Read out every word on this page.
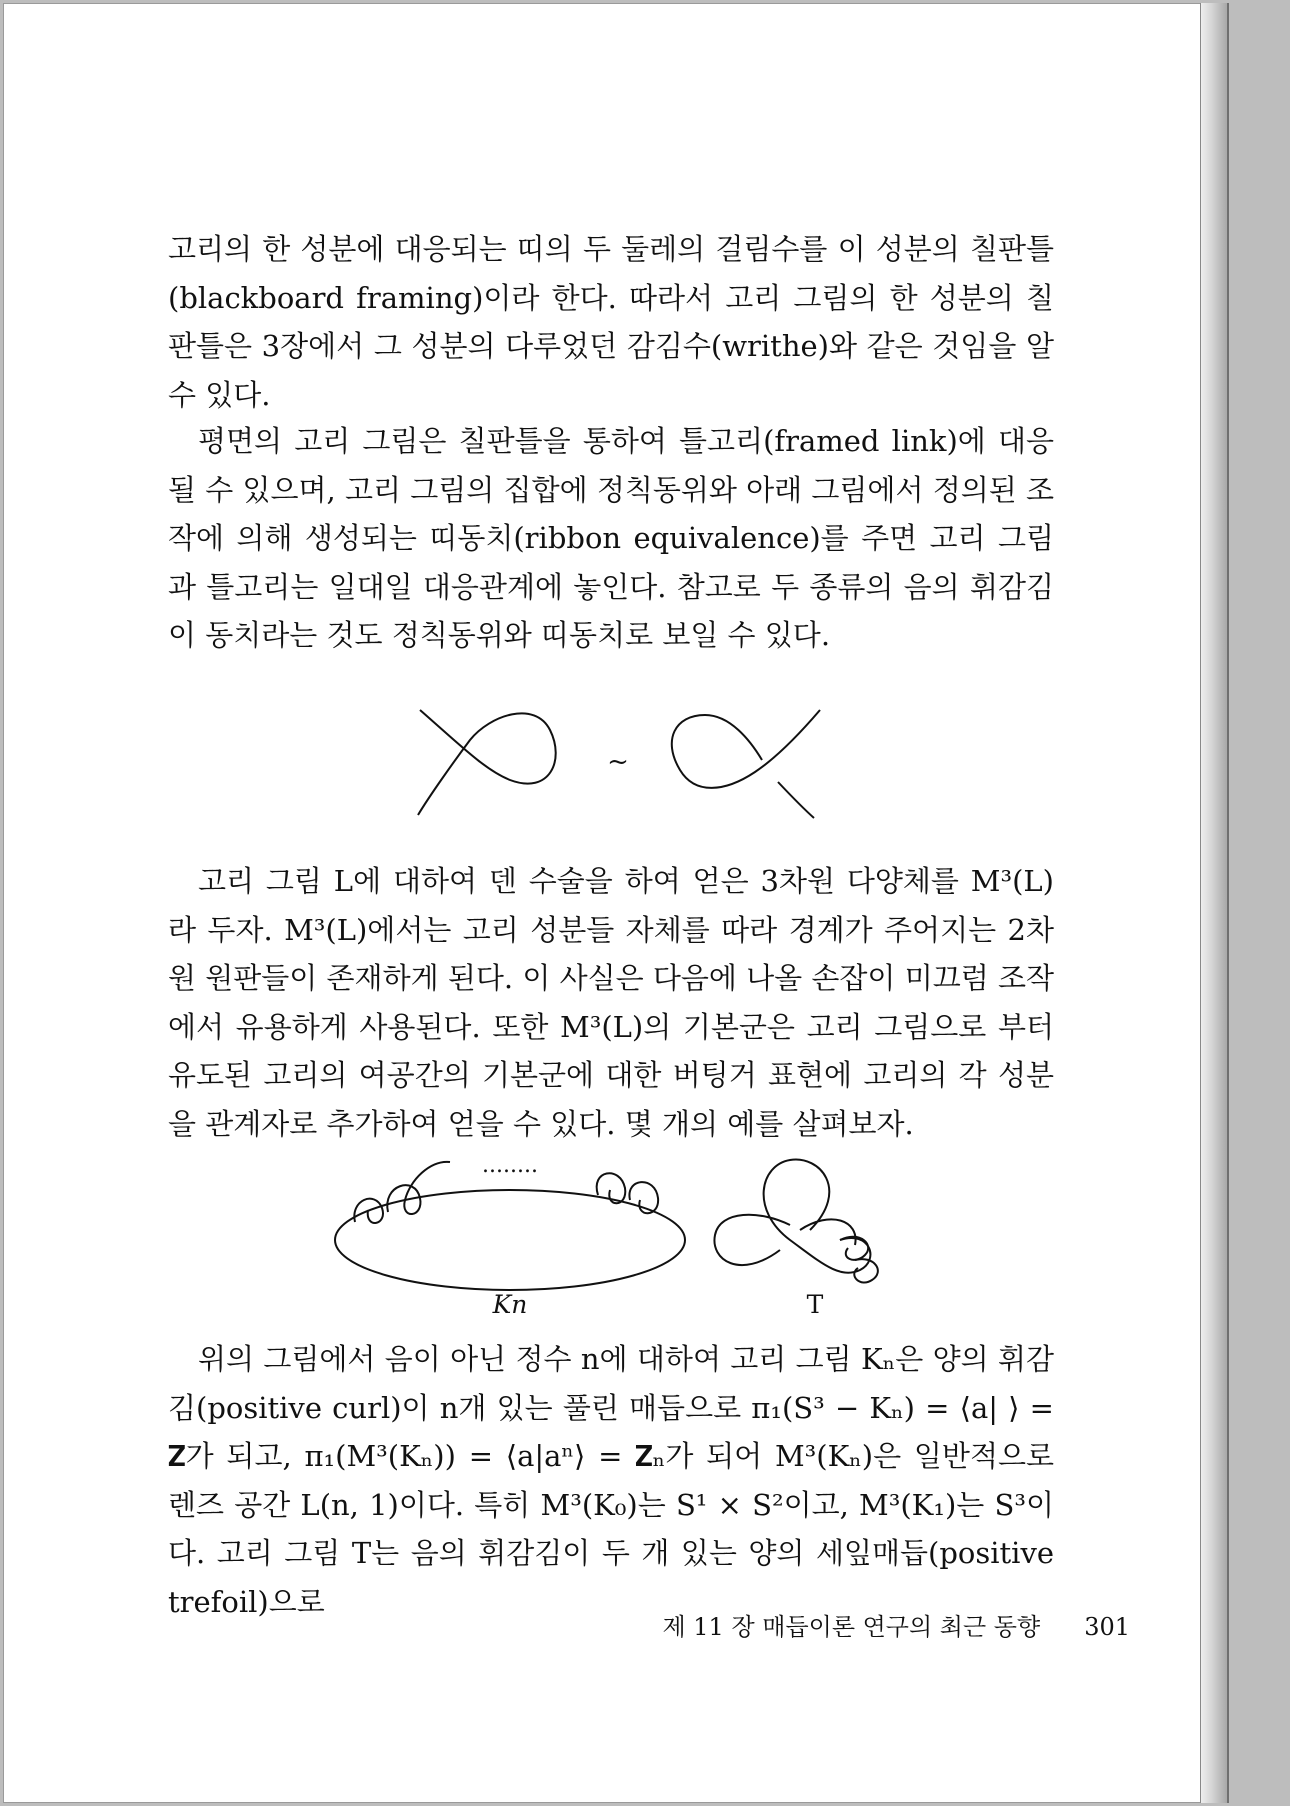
고리의 한 성분에 대응되는 띠의 두 둘레의 걸림수를 이 성분의 칠판틀(blackboard framing)이라 한다. 따라서 고리 그림의 한 성분의 칠판틀은 3장에서 그 성분의 다루었던 감김수(writhe)와 같은 것임을 알 수 있다.

평면의 고리 그림은 칠판틀을 통하여 틀고리(framed link)에 대응될 수 있으며, 고리 그림의 집합에 정칙동위와 아래 그림에서 정의된 조작에 의해 생성되는 띠동치(ribbon equivalence)를 주면 고리 그림과 틀고리는 일대일 대응관계에 놓인다. 참고로 두 종류의 음의 휘감김이 동치라는 것도 정칙동위와 띠동치로 보일 수 있다.

~

고리 그림 L에 대하여 덴 수술을 하여 얻은 3차원 다양체를 M³(L)라 두자. M³(L)에서는 고리 성분들 자체를 따라 경계가 주어지는 2차원 원판들이 존재하게 된다. 이 사실은 다음에 나올 손잡이 미끄럼 조작에서 유용하게 사용된다. 또한 M³(L)의 기본군은 고리 그림으로 부터 유도된 고리의 여공간의 기본군에 대한 버팅거 표현에 고리의 각 성분을 관계자로 추가하여 얻을 수 있다. 몇 개의 예를 살펴보자.

........
Kn	T

위의 그림에서 음이 아닌 정수 n에 대하여 고리 그림 Kₙ은 양의 휘감김(positive curl)이 n개 있는 풀린 매듭으로 π₁(S³ − Kₙ) = ⟨a| ⟩ = 𝐙가 되고, π₁(M³(Kₙ)) = ⟨a|aⁿ⟩ = 𝐙ₙ가 되어 M³(Kₙ)은 일반적으로 렌즈 공간 L(n, 1)이다. 특히 M³(K₀)는 S¹ × S²이고, M³(K₁)는 S³이다. 고리 그림 T는 음의 휘감김이 두 개 있는 양의 세잎매듭(positive trefoil)으로

제 11 장 매듭이론 연구의 최근 동향 301
